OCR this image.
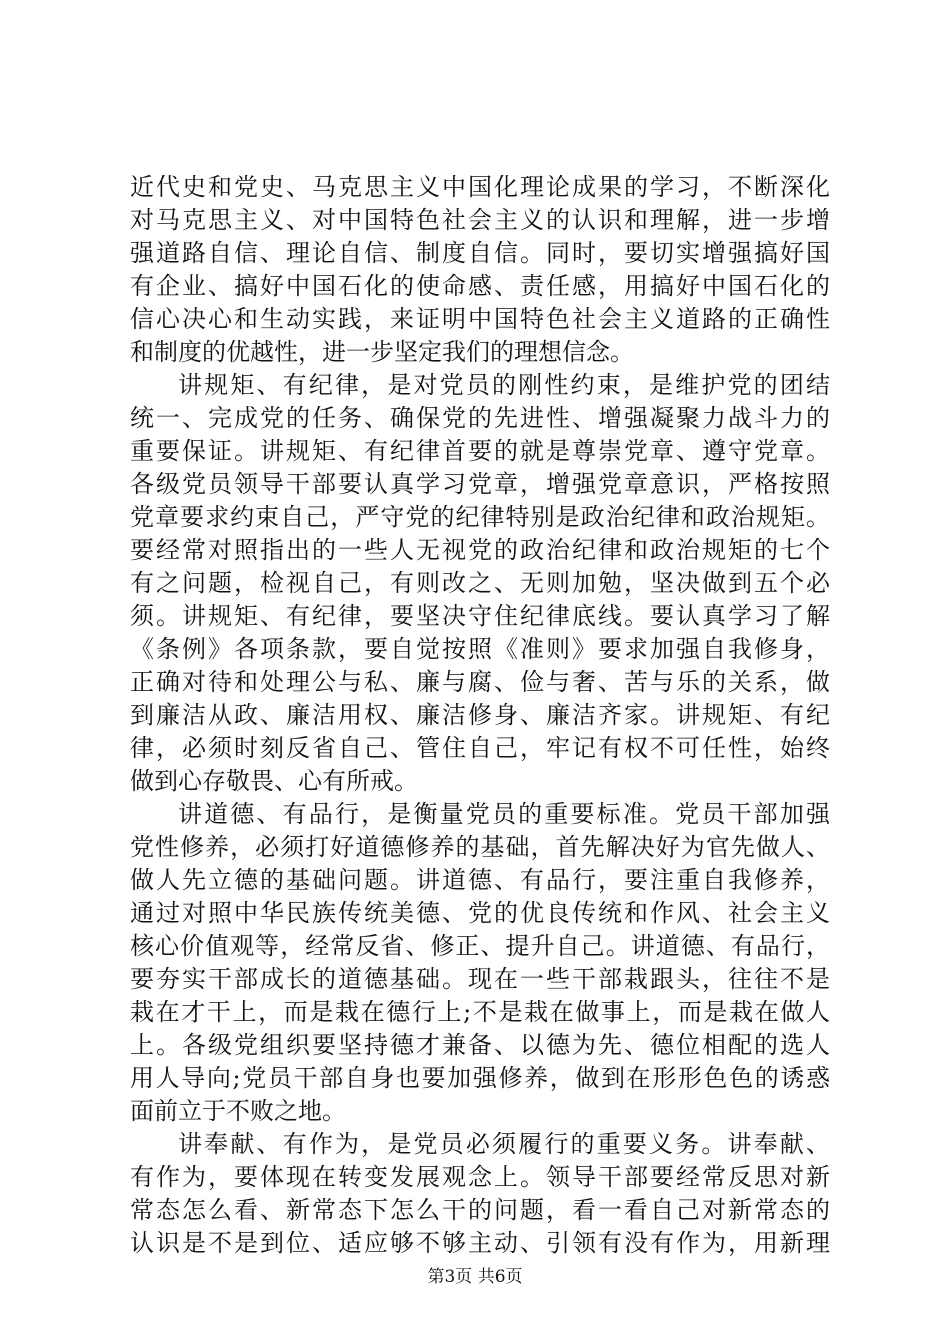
近代史和党史、马克思主义中国化理论成果的学习，不断深化
对马克思主义、对中国特色社会主义的认识和理解，进一步增
强道路自信、理论自信、制度自信。同时，要切实增强搞好国
有企业、搞好中国石化的使命感、责任感，用搞好中国石化的
信心决心和生动实践，来证明中国特色社会主义道路的正确性
和制度的优越性，进一步坚定我们的理想信念。
讲规矩、有纪律，是对党员的刚性约束，是维护党的团结
统一、完成党的任务、确保党的先进性、增强凝聚力战斗力的
重要保证。讲规矩、有纪律首要的就是尊崇党章、遵守党章。
各级党员领导干部要认真学习党章，增强党章意识，严格按照
党章要求约束自己，严守党的纪律特别是政治纪律和政治规矩。
要经常对照指出的一些人无视党的政治纪律和政治规矩的七个
有之问题，检视自己，有则改之、无则加勉，坚决做到五个必
须。讲规矩、有纪律，要坚决守住纪律底线。要认真学习了解
《条例》各项条款，要自觉按照《准则》要求加强自我修身，
正确对待和处理公与私、廉与腐、俭与奢、苦与乐的关系，做
到廉洁从政、廉洁用权、廉洁修身、廉洁齐家。讲规矩、有纪
律，必须时刻反省自己、管住自己，牢记有权不可任性，始终
做到心存敬畏、心有所戒。
讲道德、有品行，是衡量党员的重要标准。党员干部加强
党性修养，必须打好道德修养的基础，首先解决好为官先做人、
做人先立德的基础问题。讲道德、有品行，要注重自我修养，
通过对照中华民族传统美德、党的优良传统和作风、社会主义
核心价值观等，经常反省、修正、提升自己。讲道德、有品行，
要夯实干部成长的道德基础。现在一些干部栽跟头，往往不是
栽在才干上，而是栽在德行上;不是栽在做事上，而是栽在做人
上。各级党组织要坚持德才兼备、以德为先、德位相配的选人
用人导向;党员干部自身也要加强修养，做到在形形色色的诱惑
面前立于不败之地。
讲奉献、有作为，是党员必须履行的重要义务。讲奉献、
有作为，要体现在转变发展观念上。领导干部要经常反思对新
常态怎么看、新常态下怎么干的问题，看一看自己对新常态的
认识是不是到位、适应够不够主动、引领有没有作为，用新理
第3页 共6页
